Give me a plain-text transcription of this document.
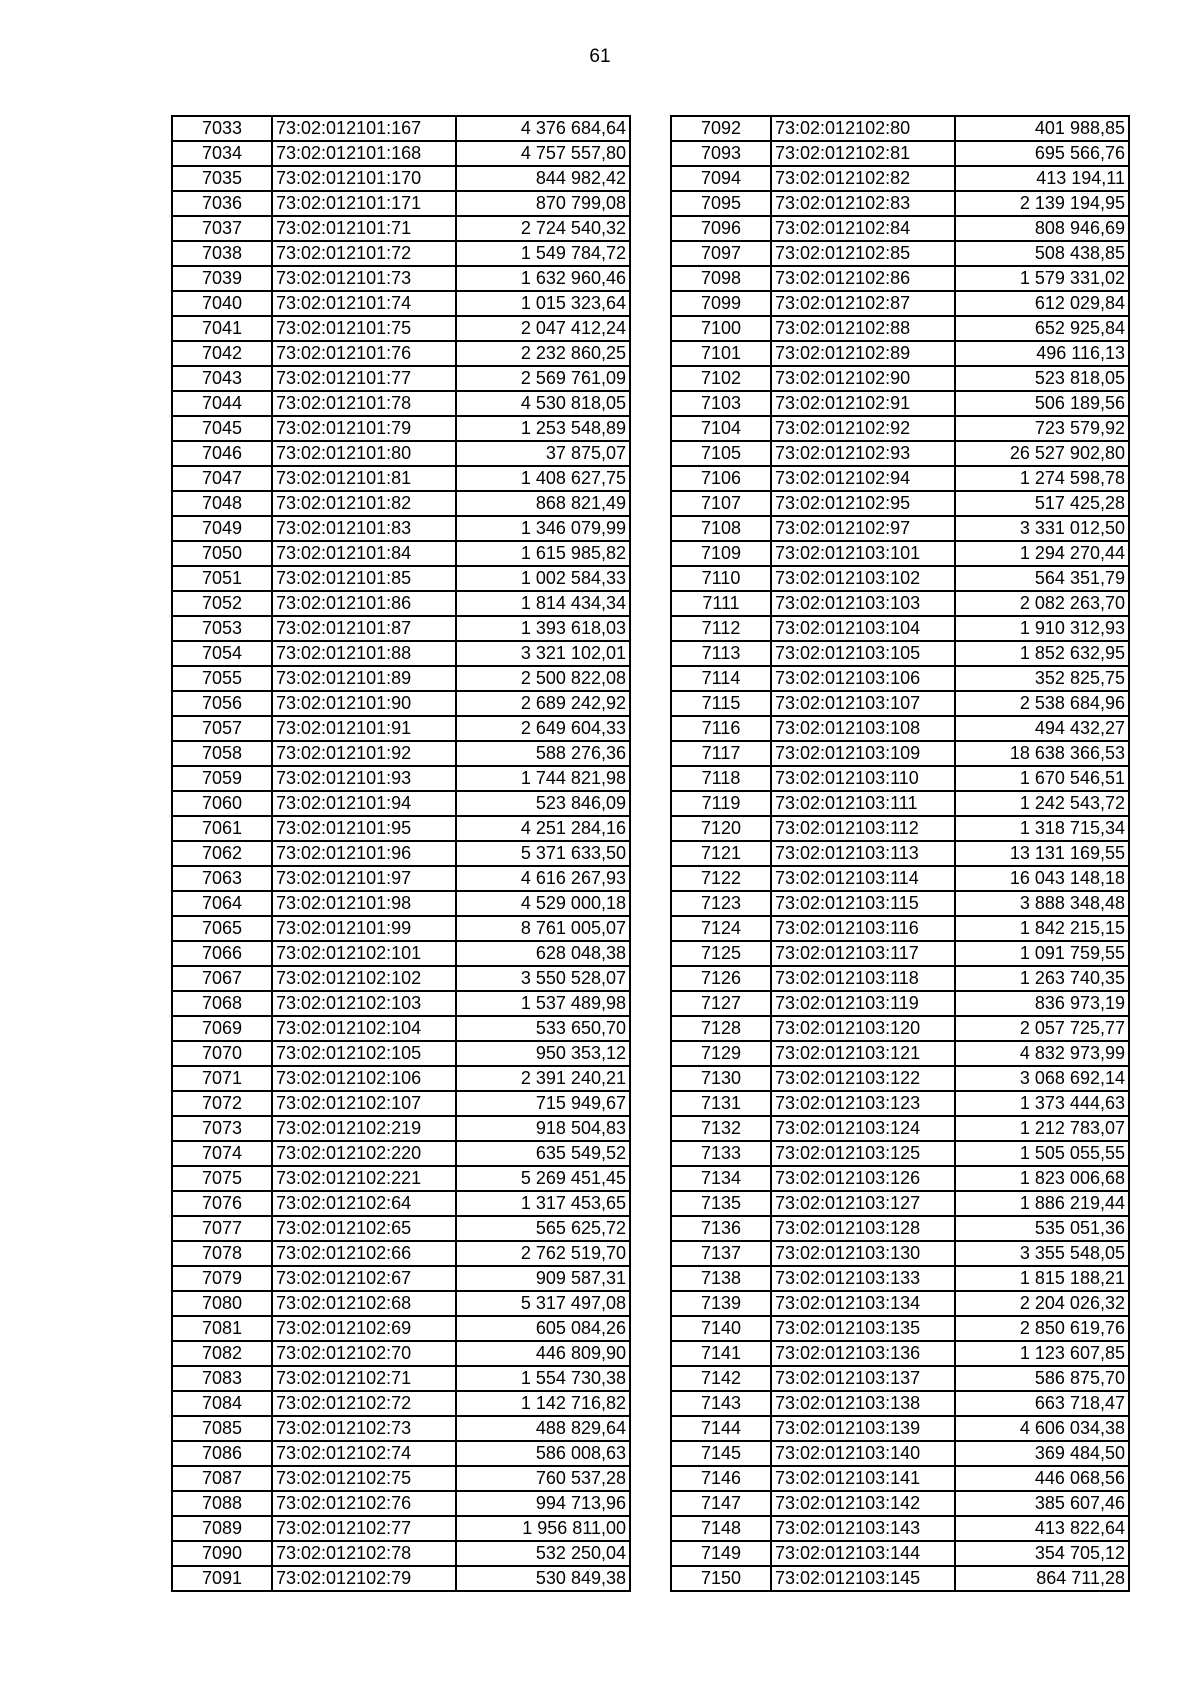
61
7033	73:02:012101:167	4 376 684,64
7034	73:02:012101:168	4 757 557,80
7035	73:02:012101:170	844 982,42
7036	73:02:012101:171	870 799,08
7037	73:02:012101:71	2 724 540,32
7038	73:02:012101:72	1 549 784,72
7039	73:02:012101:73	1 632 960,46
7040	73:02:012101:74	1 015 323,64
7041	73:02:012101:75	2 047 412,24
7042	73:02:012101:76	2 232 860,25
7043	73:02:012101:77	2 569 761,09
7044	73:02:012101:78	4 530 818,05
7045	73:02:012101:79	1 253 548,89
7046	73:02:012101:80	37 875,07
7047	73:02:012101:81	1 408 627,75
7048	73:02:012101:82	868 821,49
7049	73:02:012101:83	1 346 079,99
7050	73:02:012101:84	1 615 985,82
7051	73:02:012101:85	1 002 584,33
7052	73:02:012101:86	1 814 434,34
7053	73:02:012101:87	1 393 618,03
7054	73:02:012101:88	3 321 102,01
7055	73:02:012101:89	2 500 822,08
7056	73:02:012101:90	2 689 242,92
7057	73:02:012101:91	2 649 604,33
7058	73:02:012101:92	588 276,36
7059	73:02:012101:93	1 744 821,98
7060	73:02:012101:94	523 846,09
7061	73:02:012101:95	4 251 284,16
7062	73:02:012101:96	5 371 633,50
7063	73:02:012101:97	4 616 267,93
7064	73:02:012101:98	4 529 000,18
7065	73:02:012101:99	8 761 005,07
7066	73:02:012102:101	628 048,38
7067	73:02:012102:102	3 550 528,07
7068	73:02:012102:103	1 537 489,98
7069	73:02:012102:104	533 650,70
7070	73:02:012102:105	950 353,12
7071	73:02:012102:106	2 391 240,21
7072	73:02:012102:107	715 949,67
7073	73:02:012102:219	918 504,83
7074	73:02:012102:220	635 549,52
7075	73:02:012102:221	5 269 451,45
7076	73:02:012102:64	1 317 453,65
7077	73:02:012102:65	565 625,72
7078	73:02:012102:66	2 762 519,70
7079	73:02:012102:67	909 587,31
7080	73:02:012102:68	5 317 497,08
7081	73:02:012102:69	605 084,26
7082	73:02:012102:70	446 809,90
7083	73:02:012102:71	1 554 730,38
7084	73:02:012102:72	1 142 716,82
7085	73:02:012102:73	488 829,64
7086	73:02:012102:74	586 008,63
7087	73:02:012102:75	760 537,28
7088	73:02:012102:76	994 713,96
7089	73:02:012102:77	1 956 811,00
7090	73:02:012102:78	532 250,04
7091	73:02:012102:79	530 849,38
7092	73:02:012102:80	401 988,85
7093	73:02:012102:81	695 566,76
7094	73:02:012102:82	413 194,11
7095	73:02:012102:83	2 139 194,95
7096	73:02:012102:84	808 946,69
7097	73:02:012102:85	508 438,85
7098	73:02:012102:86	1 579 331,02
7099	73:02:012102:87	612 029,84
7100	73:02:012102:88	652 925,84
7101	73:02:012102:89	496 116,13
7102	73:02:012102:90	523 818,05
7103	73:02:012102:91	506 189,56
7104	73:02:012102:92	723 579,92
7105	73:02:012102:93	26 527 902,80
7106	73:02:012102:94	1 274 598,78
7107	73:02:012102:95	517 425,28
7108	73:02:012102:97	3 331 012,50
7109	73:02:012103:101	1 294 270,44
7110	73:02:012103:102	564 351,79
7111	73:02:012103:103	2 082 263,70
7112	73:02:012103:104	1 910 312,93
7113	73:02:012103:105	1 852 632,95
7114	73:02:012103:106	352 825,75
7115	73:02:012103:107	2 538 684,96
7116	73:02:012103:108	494 432,27
7117	73:02:012103:109	18 638 366,53
7118	73:02:012103:110	1 670 546,51
7119	73:02:012103:111	1 242 543,72
7120	73:02:012103:112	1 318 715,34
7121	73:02:012103:113	13 131 169,55
7122	73:02:012103:114	16 043 148,18
7123	73:02:012103:115	3 888 348,48
7124	73:02:012103:116	1 842 215,15
7125	73:02:012103:117	1 091 759,55
7126	73:02:012103:118	1 263 740,35
7127	73:02:012103:119	836 973,19
7128	73:02:012103:120	2 057 725,77
7129	73:02:012103:121	4 832 973,99
7130	73:02:012103:122	3 068 692,14
7131	73:02:012103:123	1 373 444,63
7132	73:02:012103:124	1 212 783,07
7133	73:02:012103:125	1 505 055,55
7134	73:02:012103:126	1 823 006,68
7135	73:02:012103:127	1 886 219,44
7136	73:02:012103:128	535 051,36
7137	73:02:012103:130	3 355 548,05
7138	73:02:012103:133	1 815 188,21
7139	73:02:012103:134	2 204 026,32
7140	73:02:012103:135	2 850 619,76
7141	73:02:012103:136	1 123 607,85
7142	73:02:012103:137	586 875,70
7143	73:02:012103:138	663 718,47
7144	73:02:012103:139	4 606 034,38
7145	73:02:012103:140	369 484,50
7146	73:02:012103:141	446 068,56
7147	73:02:012103:142	385 607,46
7148	73:02:012103:143	413 822,64
7149	73:02:012103:144	354 705,12
7150	73:02:012103:145	864 711,28
